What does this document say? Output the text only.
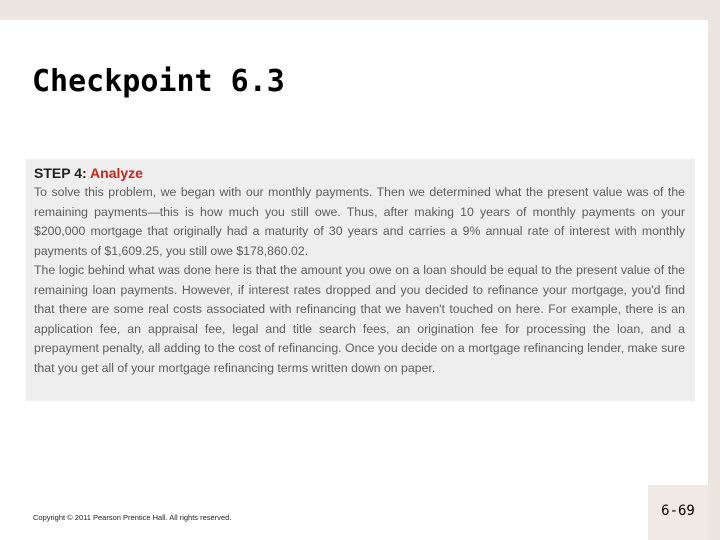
Checkpoint 6.3
STEP 4: Analyze

To solve this problem, we began with our monthly payments. Then we determined what the present value was of the remaining payments—this is how much you still owe. Thus, after making 10 years of monthly payments on your $200,000 mortgage that originally had a maturity of 30 years and carries a 9% annual rate of interest with monthly payments of $1,609.25, you still owe $178,860.02.

The logic behind what was done here is that the amount you owe on a loan should be equal to the present value of the remaining loan payments. However, if interest rates dropped and you decided to refinance your mortgage, you'd find that there are some real costs associated with refinancing that we haven't touched on here. For example, there is an application fee, an appraisal fee, legal and title search fees, an origination fee for processing the loan, and a prepayment penalty, all adding to the cost of refinancing. Once you decide on a mortgage refinancing lender, make sure that you get all of your mortgage refinancing terms written down on paper.

Copyright © 2011 Pearson Prentice Hall. All rights reserved.	6-69
